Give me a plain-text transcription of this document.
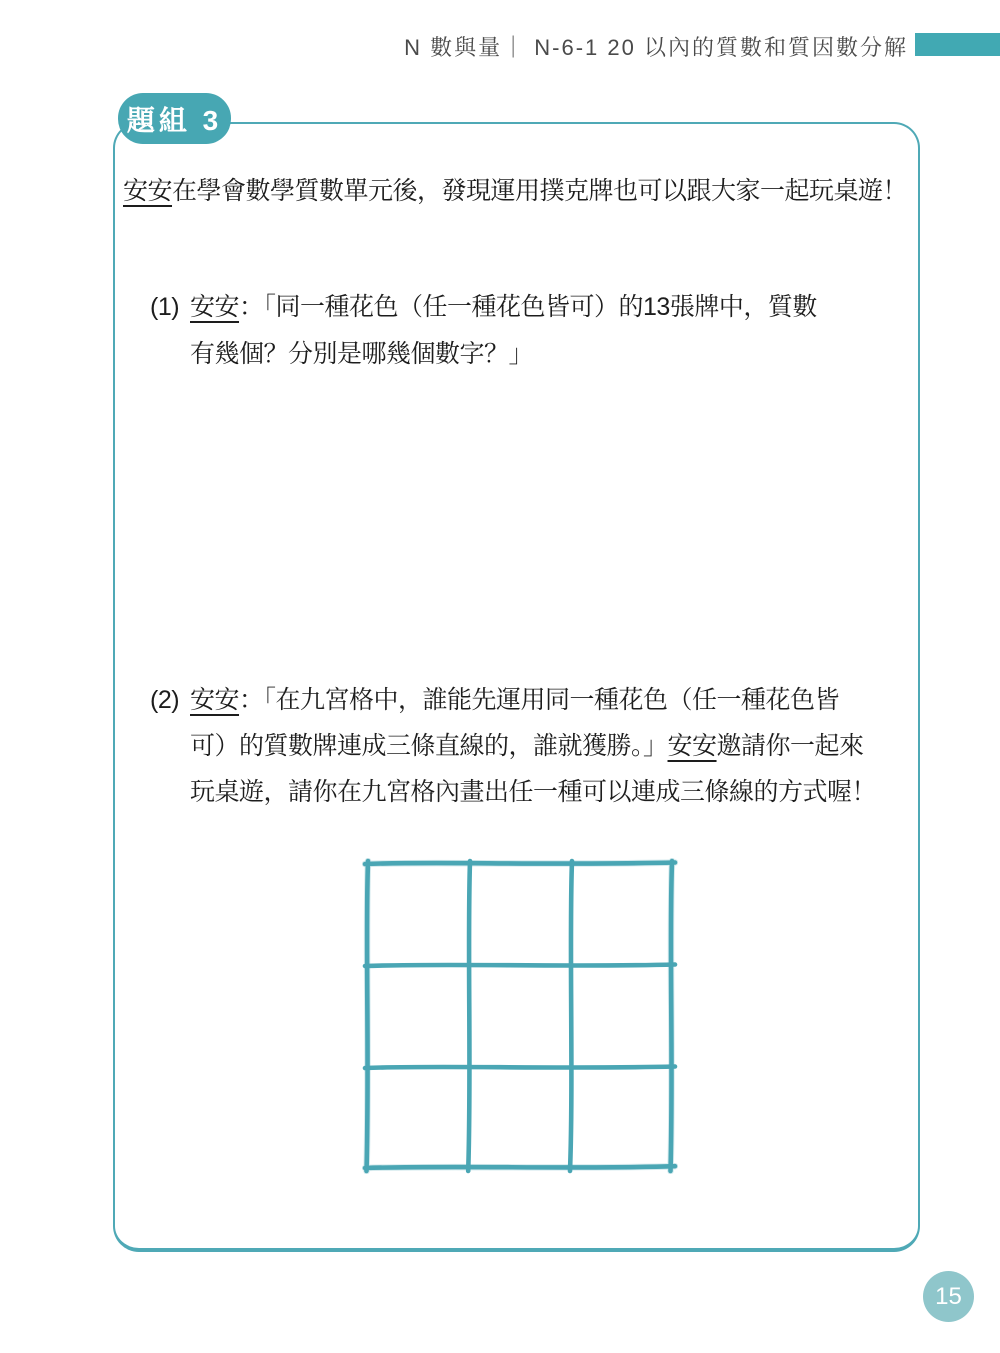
N 數與量｜ N-6-1 20 以內的質數和質因數分解
題組 3

安安在學會數學質數單元後，發現運用撲克牌也可以跟大家一起玩桌遊！

(1) 安安：「同一種花色（任一種花色皆可）的13張牌中，質數
有幾個？分別是哪幾個數字？」
(2) 安安：「在九宮格中，誰能先運用同一種花色（任一種花色皆
可）的質數牌連成三條直線的，誰就獲勝。」安安邀請你一起來
玩桌遊，請你在九宮格內畫出任一種可以連成三條線的方式喔！
15
